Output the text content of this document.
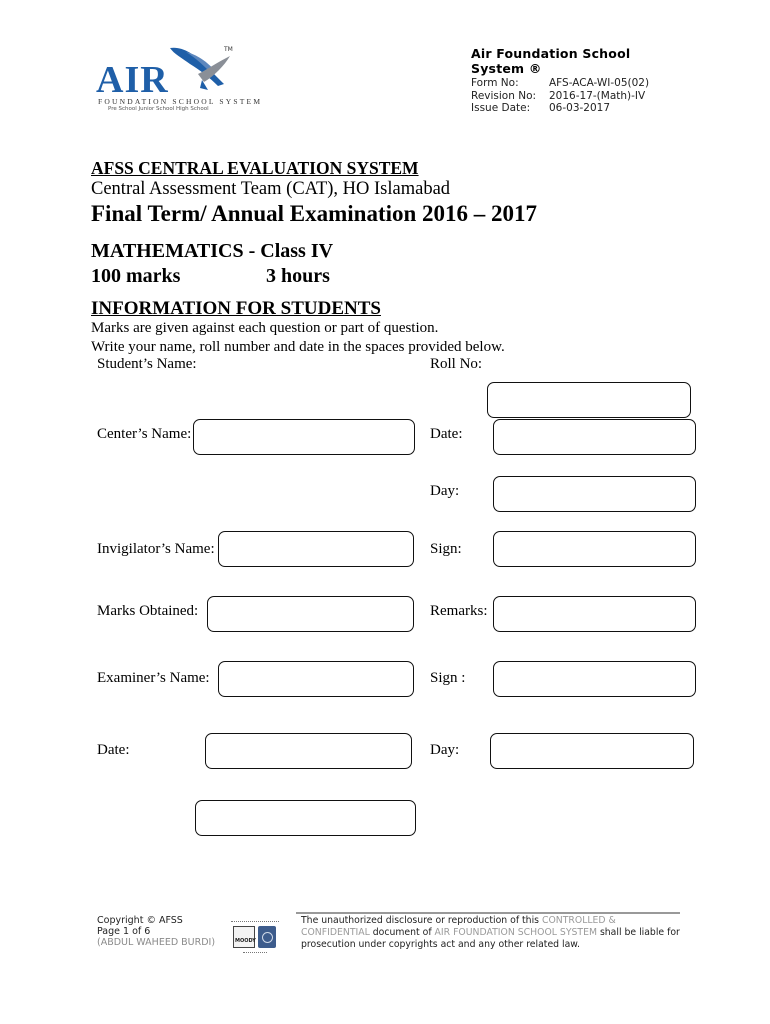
TM
AIR
FOUNDATION SCHOOL SYSTEM
Pre School Junior School High School
Air Foundation School System ®
Form No:	AFS-ACA-WI-05(02)
Revision No: 2016-17-(Math)-IV
Issue Date: 06-03-2017
AFSS CENTRAL EVALUATION SYSTEM
Central Assessment Team (CAT), HO Islamabad
Final Term/ Annual Examination 2016 – 2017
MATHEMATICS - Class IV
100 marks	3 hours
INFORMATION FOR STUDENTS
Marks are given against each question or part of question.
Write your name, roll number and date in the spaces provided below.
Student’s Name:	Roll No:
Center’s Name:	Date:
Day:
Invigilator’s Name:	Sign:
Marks Obtained:	Remarks:
Examiner’s Name:	Sign :
Date:	Day:
Copyright © AFSS
Page 1 of 6
(ABDUL WAHEED BURDI)	MOODY
The unauthorized disclosure or reproduction of this CONTROLLED & CONFIDENTIAL document of AIR FOUNDATION SCHOOL SYSTEM shall be liable for prosecution under copyrights act and any other related law.
